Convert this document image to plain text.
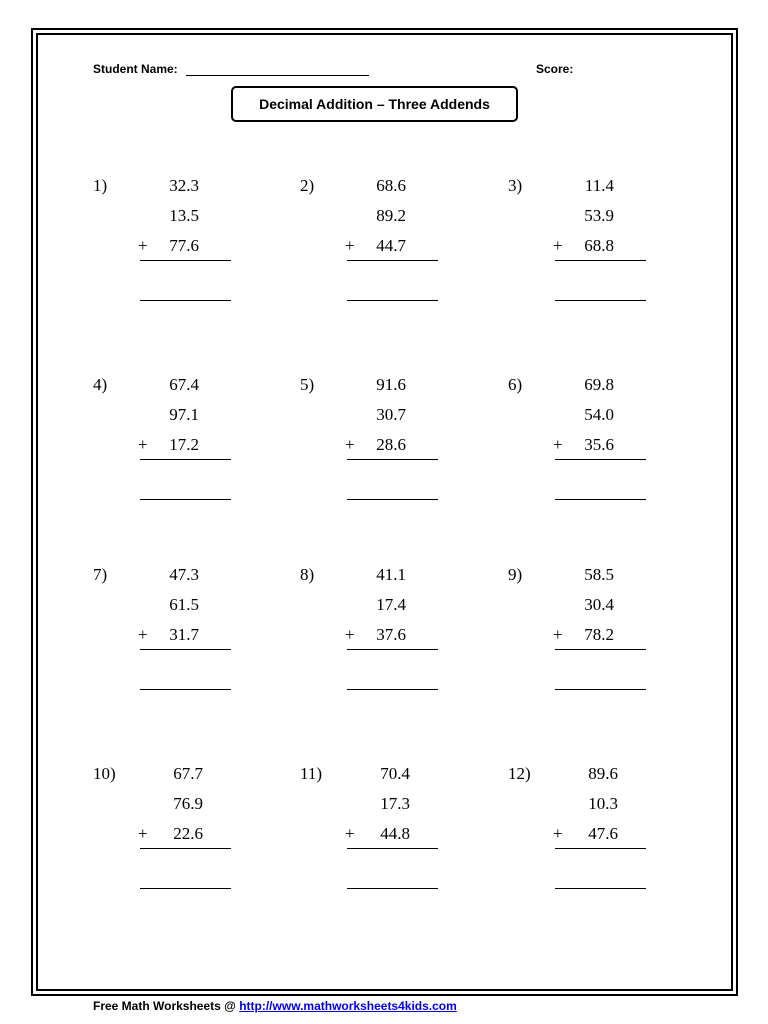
Student Name:	Score:
Decimal Addition – Three Addends
1)	32.3
13.5
+	77.6
2)	68.6
89.2
+	44.7
3)	11.4
53.9
+	68.8
4)	67.4
97.1
+	17.2
5)	91.6
30.7
+	28.6
6)	69.8
54.0
+	35.6
7)	47.3
61.5
+	31.7
8)	41.1
17.4
+	37.6
9)	58.5
30.4
+	78.2
10)	67.7
76.9
+	22.6
11)	70.4
17.3
+	44.8
12)	89.6
10.3
+	47.6
Free Math Worksheets @ http://www.mathworksheets4kids.com
